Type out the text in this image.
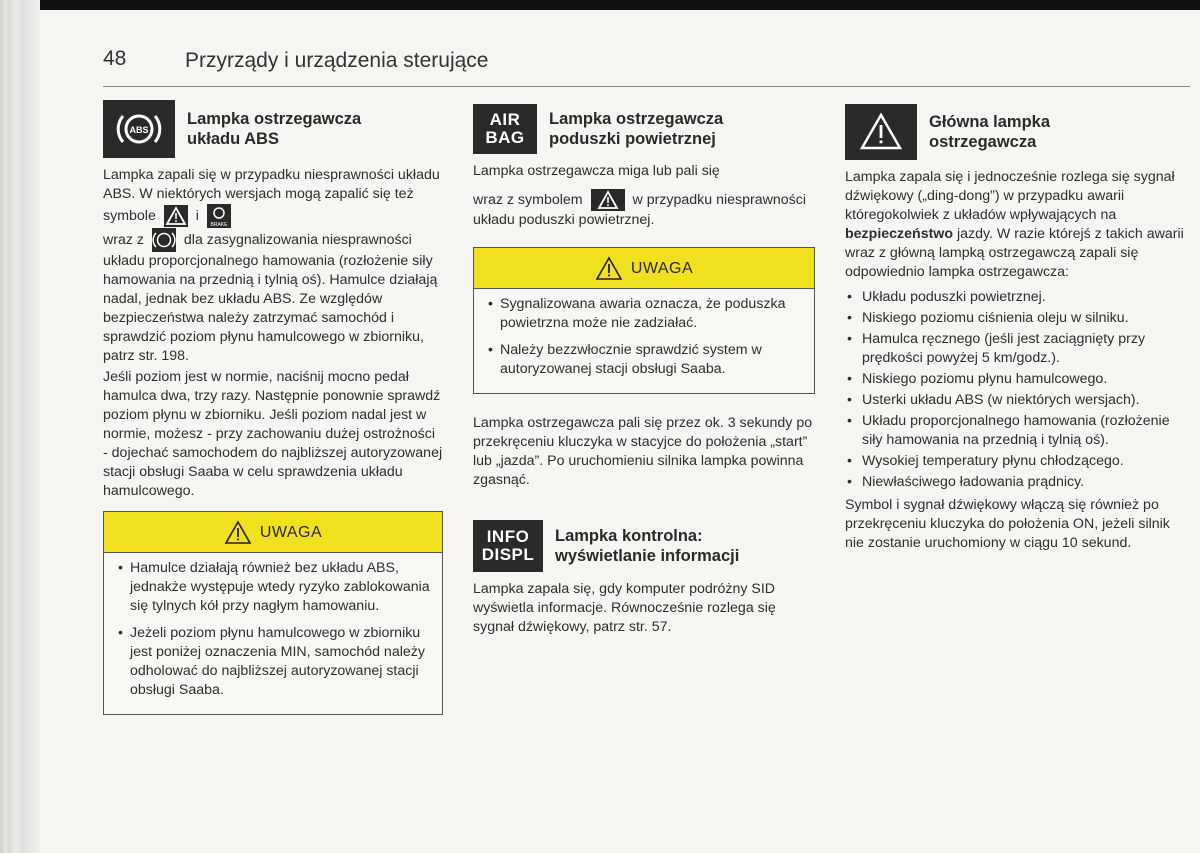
48	Przyrządy i urządzenia sterujące
ABS
Lampka ostrzegawcza
układu ABS

Lampka zapali się w przypadku niesprawności układu ABS. W niektórych wersjach mogą zapalić się też symbole	i
BRAKE

wraz z	dla zasygnalizowania niesprawności układu proporcjonalnego hamowania (rozłożenie siły hamowania na przednią i tylnią oś). Hamulce działają nadal, jednak bez układu ABS. Ze względów bezpieczeństwa należy zatrzymać samochód i sprawdzić poziom płynu hamulcowego w zbiorniku, patrz str. 198.

Jeśli poziom jest w normie, naciśnij mocno pedał hamulca dwa, trzy razy. Następnie ponownie sprawdź poziom płynu w zbiorniku. Jeśli poziom nadal jest w normie, możesz - przy zachowaniu dużej ostrożności - dojechać samochodem do najbliższej autoryzowanej stacji obsługi Saaba w celu sprawdzenia układu hamulcowego.

UWAGA
• Hamulce działają również bez układu ABS, jednakże występuje wtedy ryzyko zablokowania się tylnych kół przy nagłym hamowaniu.
• Jeżeli poziom płynu hamulcowego w zbiorniku jest poniżej oznaczenia MIN, samochód należy odholować do najbliższej autoryzowanej stacji obsługi Saaba.
AIR
BAG
Lampka ostrzegawcza
poduszki powietrznej

Lampka ostrzegawcza miga lub pali się

wraz z symbolem	w przypadku niesprawności układu poduszki powietrznej.

UWAGA
• Sygnalizowana awaria oznacza, że poduszka powietrzna może nie zadziałać.
• Należy bezzwłocznie sprawdzić system w autoryzowanej stacji obsługi Saaba.

Lampka ostrzegawcza pali się przez ok. 3 sekundy po przekręceniu kluczyka w stacyjce do położenia „start” lub „jazda”. Po uruchomieniu silnika lampka powinna zgasnąć.

INFO
DISPL
Lampka kontrolna:
wyświetlanie informacji

Lampka zapala się, gdy komputer podróżny SID wyświetla informacje. Równocześnie rozlega się sygnał dźwiękowy, patrz str. 57.

Główna lampka
ostrzegawcza

Lampka zapala się i jednocześnie rozlega się sygnał dźwiękowy („ding-dong”) w przypadku awarii któregokolwiek z układów wpływających na bezpieczeństwo jazdy. W razie którejś z takich awarii wraz z główną lampką ostrzegawczą zapali się odpowiednio lampka ostrzegawcza:

• Układu poduszki powietrznej.
• Niskiego poziomu ciśnienia oleju w silniku.
• Hamulca ręcznego (jeśli jest zaciągnięty przy prędkości powyżej 5 km/godz.).
• Niskiego poziomu płynu hamulcowego.
• Usterki układu ABS (w niektórych wersjach).
• Układu proporcjonalnego hamowania (rozłożenie siły hamowania na przednią i tylnią oś).
• Wysokiej temperatury płynu chłodzącego.
• Niewłaściwego ładowania prądnicy.

Symbol i sygnał dźwiękowy włączą się również po przekręceniu kluczyka do położenia ON, jeżeli silnik nie zostanie uruchomiony w ciągu 10 sekund.
